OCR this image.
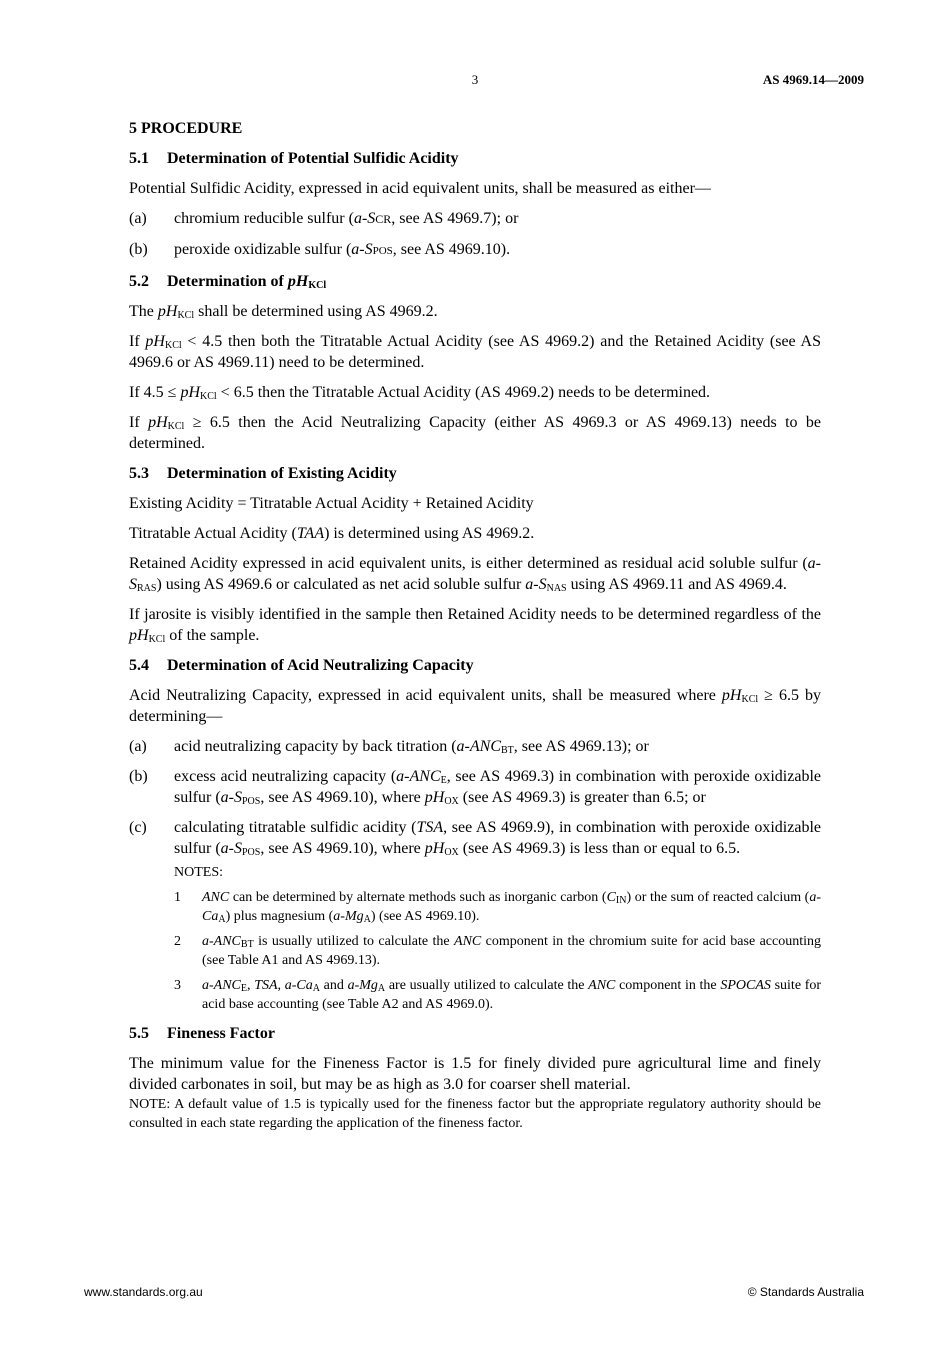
3	AS 4969.14—2009

5 PROCEDURE

5.1 Determination of Potential Sulfidic Acidity

Potential Sulfidic Acidity, expressed in acid equivalent units, shall be measured as either—

(a)	chromium reducible sulfur (a-SCR, see AS 4969.7); or
(b)	peroxide oxidizable sulfur (a-SPOS, see AS 4969.10).

5.2 Determination of $pH_{KCl}$

The $pH_{KCl}$ shall be determined using AS 4969.2.

If $pH_{KCl} < 4.5$ then both the Titratable Actual Acidity (see AS 4969.2) and the Retained Acidity (see AS 4969.6 or AS 4969.11) need to be determined.

If $4.5 \le pH_{KCl} < 6.5$ then the Titratable Actual Acidity (AS 4969.2) needs to be determined.

If $pH_{KCl} \ge 6.5$ then the Acid Neutralizing Capacity (either AS 4969.3 or AS 4969.13) needs to be determined.

5.3 Determination of Existing Acidity

Existing Acidity = Titratable Actual Acidity + Retained Acidity

Titratable Actual Acidity (TAA) is determined using AS 4969.2.

Retained Acidity expressed in acid equivalent units, is either determined as residual acid soluble sulfur $(a-S_{RAS})$ using AS 4969.6 or calculated as net acid soluble sulfur $a-S_{NAS}$ using AS 4969.11 and AS 4969.4.

If jarosite is visibly identified in the sample then Retained Acidity needs to be determined regardless of the $pH_{KCl}$ of the sample.

5.4 Determination of Acid Neutralizing Capacity

Acid Neutralizing Capacity, expressed in acid equivalent units, shall be measured where $pH_{KCl} \ge 6.5$ by determining—

(a)	acid neutralizing capacity by back titration ($a-ANC_{BT}$, see AS 4969.13); or
(b)	excess acid neutralizing capacity ($a-ANC_E$, see AS 4969.3) in combination with peroxide oxidizable sulfur ($a-S_{POS}$, see AS 4969.10), where $pH_{OX}$ (see AS 4969.3) is greater than 6.5; or
(c)	calculating titratable sulfidic acidity (TSA, see AS 4969.9), in combination with peroxide oxidizable sulfur ($a-S_{POS}$, see AS 4969.10), where $pH_{OX}$ (see AS 4969.3) is less than or equal to 6.5.
NOTES:
1	ANC can be determined by alternate methods such as inorganic carbon $(C_{IN})$ or the sum of reacted calcium $(a-Ca_A)$ plus magnesium $(a-Mg_A)$ (see AS 4969.10).
2	$a-ANC_{BT}$ is usually utilized to calculate the ANC component in the chromium suite for acid base accounting (see Table A1 and AS 4969.13).
3	$a-ANC_E$, TSA, $a-Ca_A$ and $a-Mg_A$ are usually utilized to calculate the ANC component in the SPOCAS suite for acid base accounting (see Table A2 and AS 4969.0).

5.5 Fineness Factor

The minimum value for the Fineness Factor is 1.5 for finely divided pure agricultural lime and finely divided carbonates in soil, but may be as high as 3.0 for coarser shell material.

NOTE: A default value of 1.5 is typically used for the fineness factor but the appropriate regulatory authority should be consulted in each state regarding the application of the fineness factor.

www.standards.org.au	© Standards Australia
